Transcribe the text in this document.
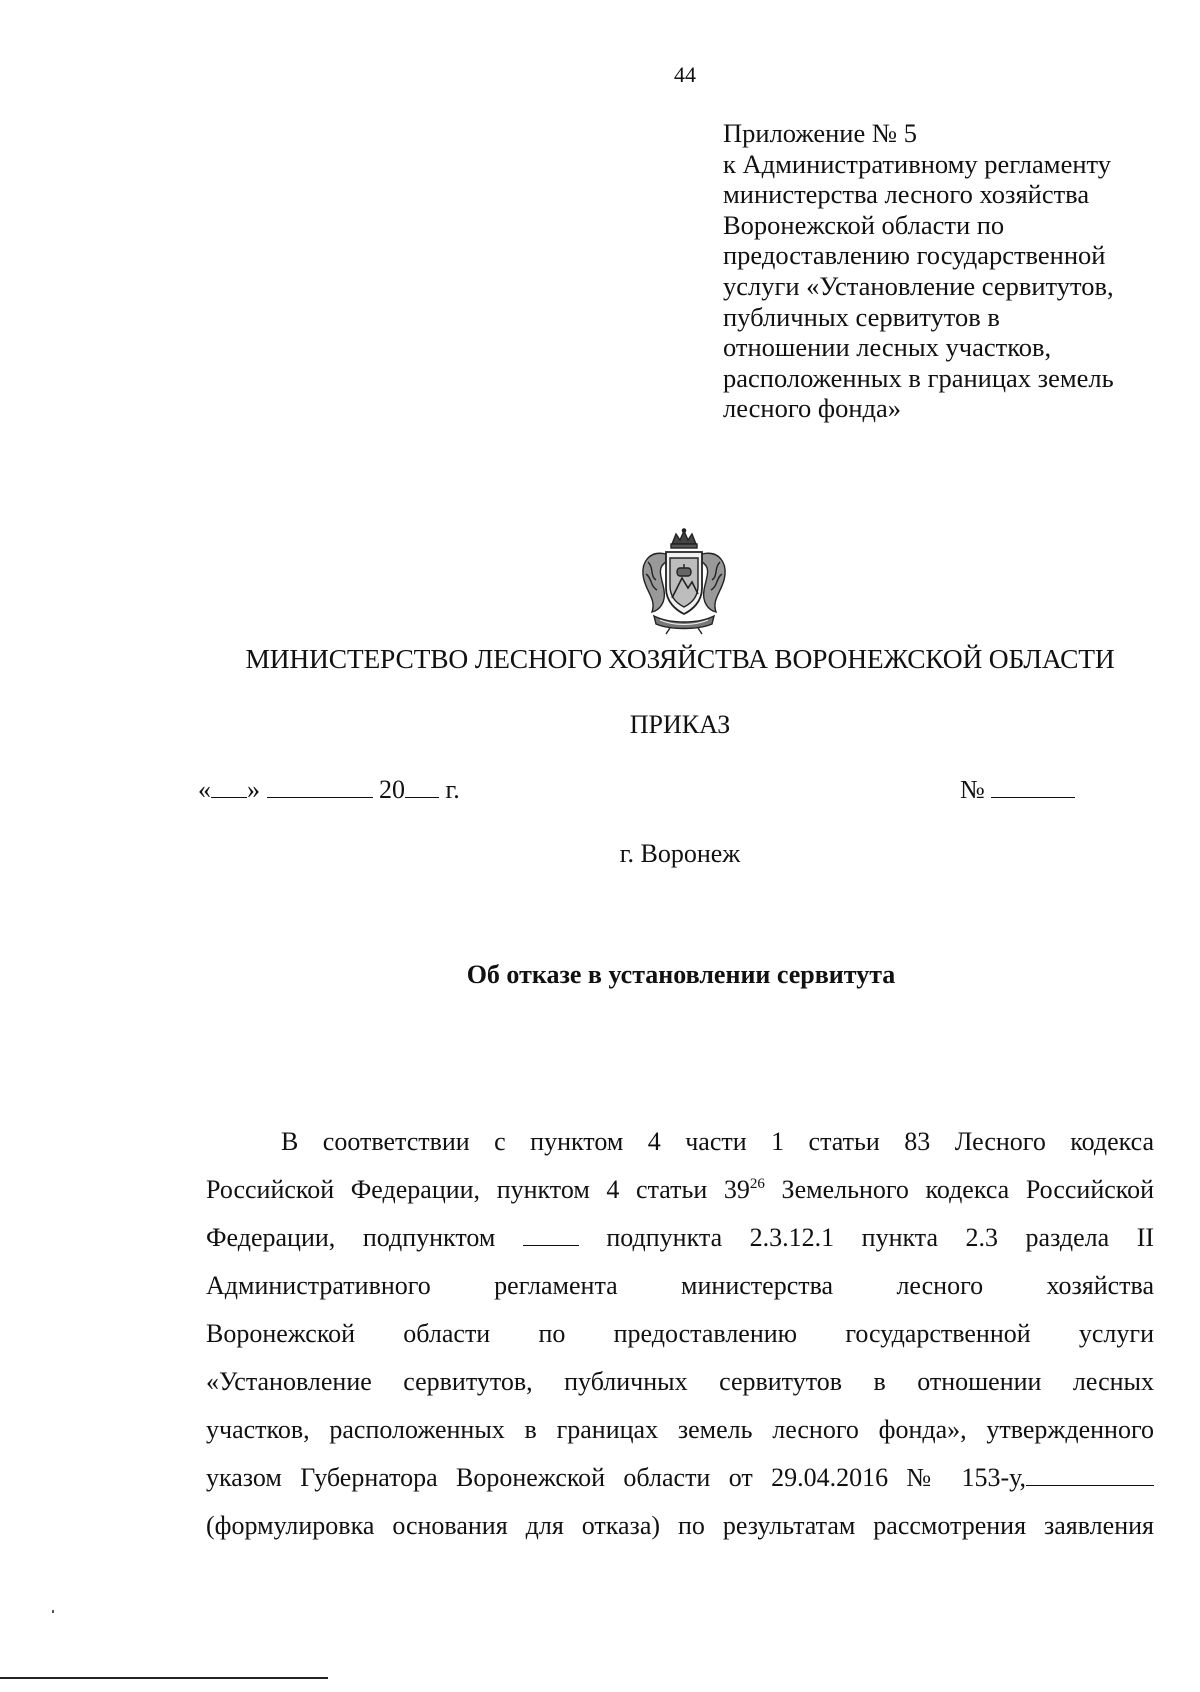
44
Приложение № 5
к Административному регламенту
министерства лесного хозяйства
Воронежской области по
предоставлению государственной
услуги «Установление сервитутов,
публичных сервитутов в
отношении лесных участков,
расположенных в границах земель
лесного фонда»
МИНИСТЕРСТВО ЛЕСНОГО ХОЗЯЙСТВА ВОРОНЕЖСКОЙ ОБЛАСТИ
ПРИКАЗ
« »	20 г.	№
г. Воронеж
Об отказе в установлении сервитута
В соответствии с пунктом 4 части 1 статьи 83 Лесного кодекса
Российской Федерации, пунктом 4 статьи $39^{26}$ Земельного кодекса Российской
Федерации, подпунктом	подпункта 2.3.12.1 пункта 2.3 раздела II
Административного регламента министерства лесного хозяйства
Воронежской области по предоставлению государственной услуги
«Установление сервитутов, публичных сервитутов в отношении лесных
участков, расположенных в границах земель лесного фонда», утвержденного
указом Губернатора Воронежской области от 29.04.2016 № 153-у,
(формулировка основания для отказа) по результатам рассмотрения заявления
